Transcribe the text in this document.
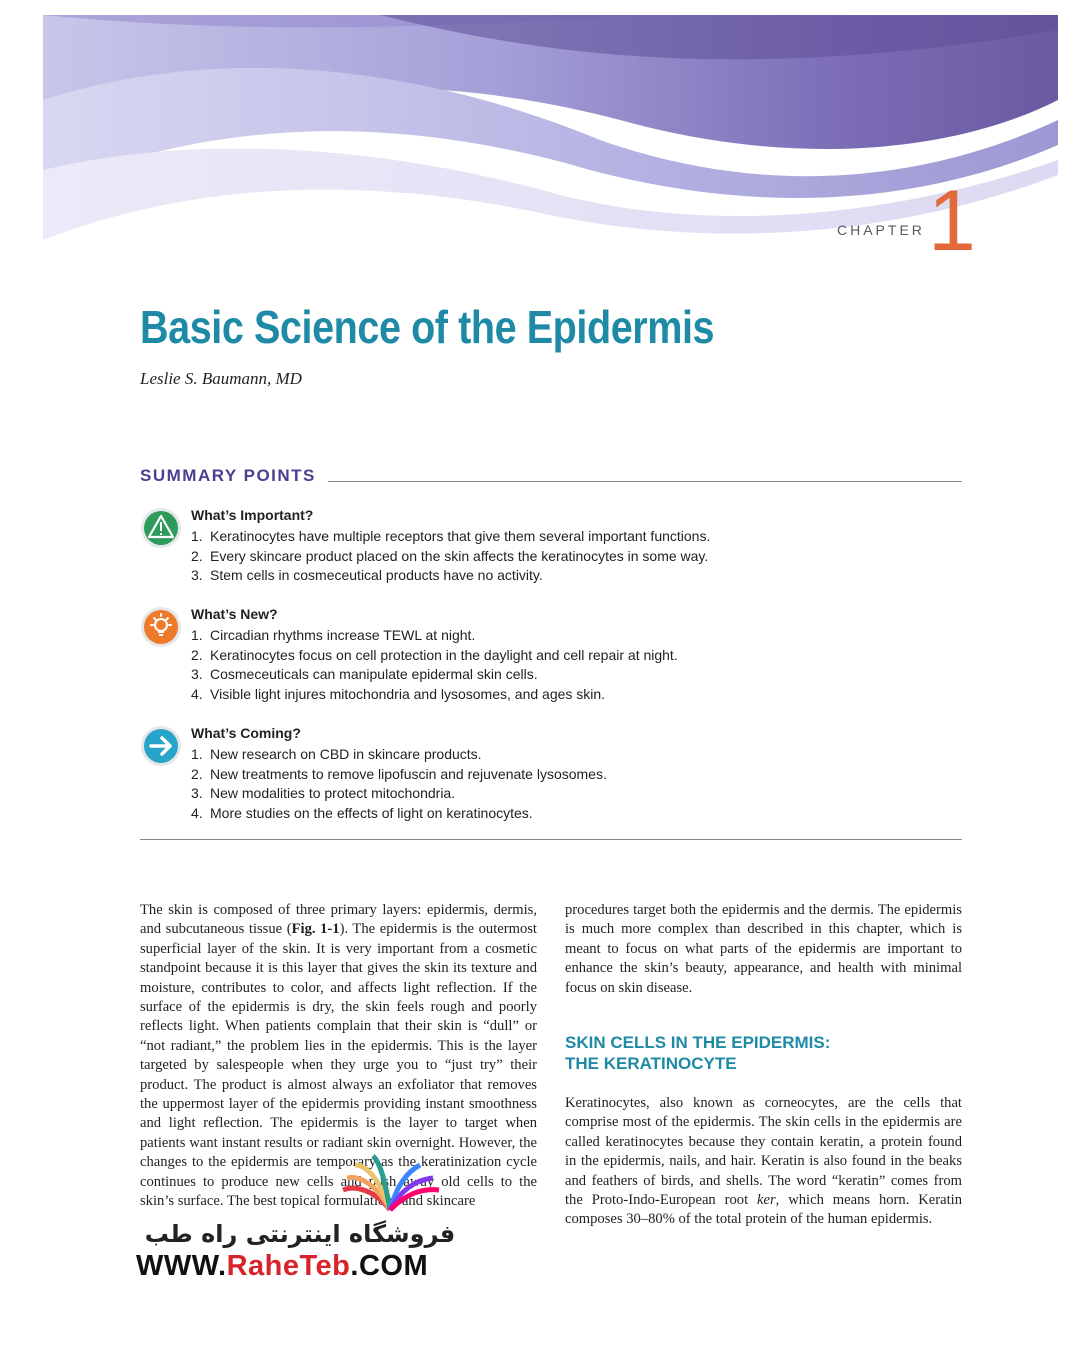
CHAPTER 1
Basic Science of the Epidermis
Leslie S. Baumann, MD
SUMMARY POINTS
What’s Important?
1. Keratinocytes have multiple receptors that give them several important functions.
2. Every skincare product placed on the skin affects the keratinocytes in some way.
3. Stem cells in cosmeceutical products have no activity.
What’s New?
1. Circadian rhythms increase TEWL at night.
2. Keratinocytes focus on cell protection in the daylight and cell repair at night.
3. Cosmeceuticals can manipulate epidermal skin cells.
4. Visible light injures mitochondria and lysosomes, and ages skin.
What’s Coming?
1. New research on CBD in skincare products.
2. New treatments to remove lipofuscin and rejuvenate lysosomes.
3. New modalities to protect mitochondria.
4. More studies on the effects of light on keratinocytes.

The skin is composed of three primary layers: epidermis, dermis, and subcutaneous tissue (Fig. 1-1). The epidermis is the outermost superficial layer of the skin. It is very important from a cosmetic standpoint because it is this layer that gives the skin its texture and moisture, contributes to color, and affects light reflection. If the surface of the epidermis is dry, the skin feels rough and poorly reflects light. When patients complain that their skin is “dull” or “not radiant,” the problem lies in the epidermis. This is the layer targeted by salespeople when they urge you to “just try” their product. The product is almost always an exfoliator that removes the uppermost layer of the epidermis providing instant smoothness and light reflection. The epidermis is the layer to target when patients want instant results or radiant skin overnight. However, the changes to the epidermis are temporary as the keratinization cycle continues to produce new cells and push away old cells to the skin’s surface. The best topical formulations and skincare

procedures target both the epidermis and the dermis. The epidermis is much more complex than described in this chapter, which is meant to focus on what parts of the epidermis are important to enhance the skin’s beauty, appearance, and health with minimal focus on skin disease.

SKIN CELLS IN THE EPIDERMIS:
THE KERATINOCYTE

Keratinocytes, also known as corneocytes, are the cells that comprise most of the epidermis. The skin cells in the epidermis are called keratinocytes because they contain keratin, a protein found in the epidermis, nails, and hair. Keratin is also found in the beaks and feathers of birds, and shells. The word “keratin” comes from the Proto-Indo-European root ker, which means horn. Keratin composes 30–80% of the total protein of the human epidermis.

فروشگاه اینترنتی راه طب
WWW.RaheTeb.COM
